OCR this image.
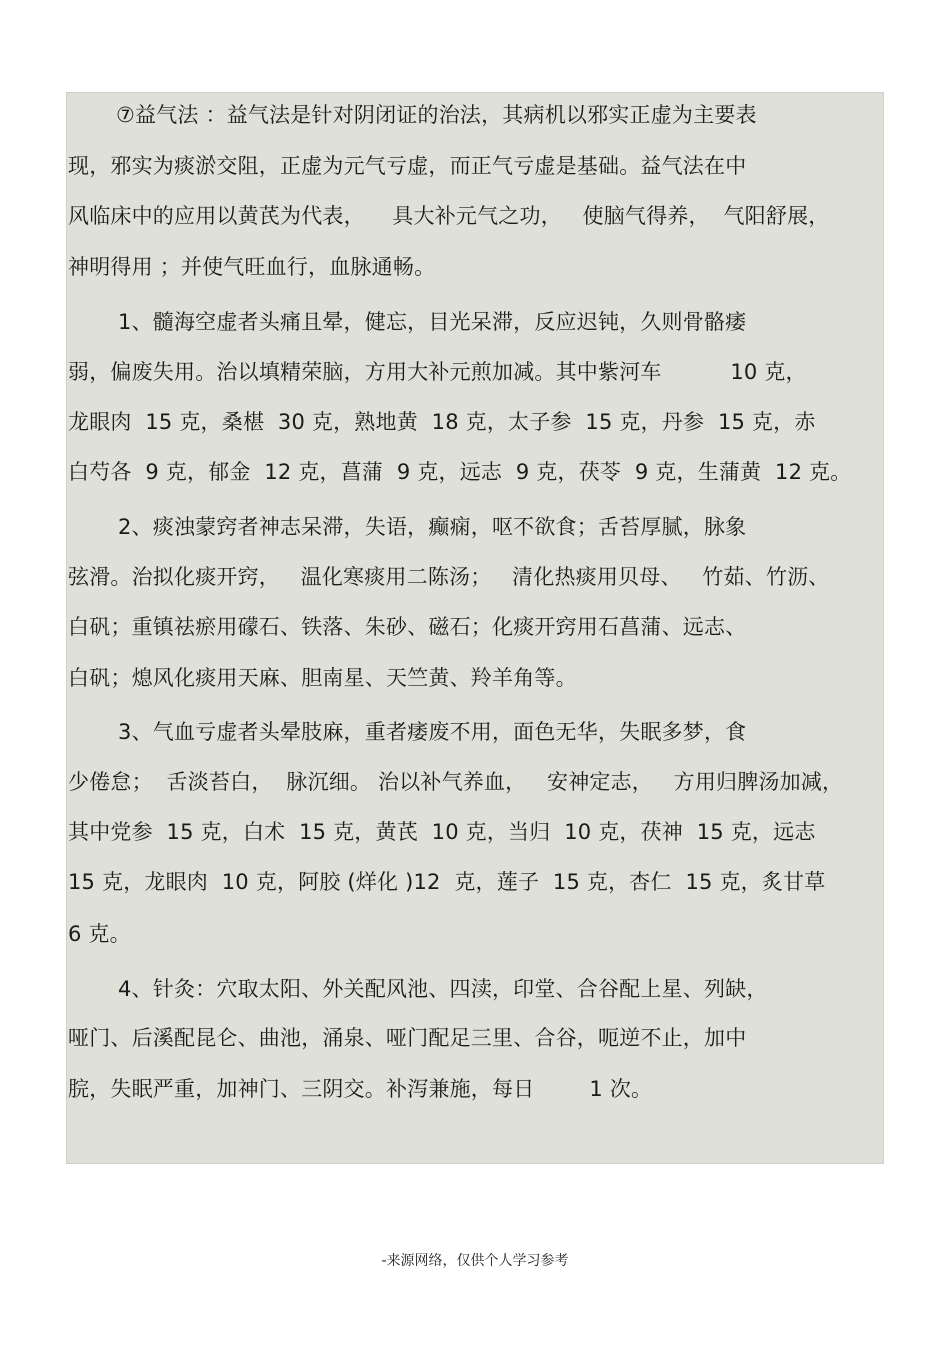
⑦益气法 ：益气法是针对阴闭证的治法，其病机以邪实正虚为主要表
现，邪实为痰淤交阻，正虚为元气亏虚，而正气亏虚是基础。益气法在中
风临床中的应用以黄芪为代表，    具大补元气之功，   使脑气得养，  气阳舒展，
神明得用 ；并使气旺血行，血脉通畅。
1、髓海空虚者头痛且晕，健忘，目光呆滞，反应迟钝，久则骨骼痿
弱，偏废失用。治以填精荣脑，方用大补元煎加减。其中紫河车          10 克，
龙眼肉  15 克，桑椹  30 克，熟地黄  18 克，太子参  15 克，丹参  15 克，赤
白芍各  9 克，郁金  12 克，菖蒲  9 克，远志  9 克，茯苓  9 克，生蒲黄  12 克。
2、痰浊蒙窍者神志呆滞，失语，癫痫，呕不欲食；舌苔厚腻，脉象
弦滑。治拟化痰开窍，   温化寒痰用二陈汤；   清化热痰用贝母、   竹茹、竹沥、
白矾；重镇祛瘀用礞石、铁落、朱砂、磁石；化痰开窍用石菖蒲、远志、
白矾；熄风化痰用天麻、胆南星、天竺黄、羚羊角等。
3、气血亏虚者头晕肢麻，重者痿废不用，面色无华，失眠多梦，食
少倦怠；  舌淡苔白，  脉沉细。 治以补气养血，   安神定志，   方用归脾汤加减，
其中党参  15 克，白术  15 克，黄芪  10 克，当归  10 克，茯神  15 克，远志
15 克，龙眼肉  10 克，阿胶 (烊化 )12  克，莲子  15 克，杏仁  15 克，炙甘草
6 克。
4、针灸：穴取太阳、外关配风池、四渎，印堂、合谷配上星、列缺，
哑门、后溪配昆仑、曲池，涌泉、哑门配足三里、合谷，呃逆不止，加中
脘，失眠严重，加神门、三阴交。补泻兼施，每日        1 次。
-来源网络，仅供个人学习参考
